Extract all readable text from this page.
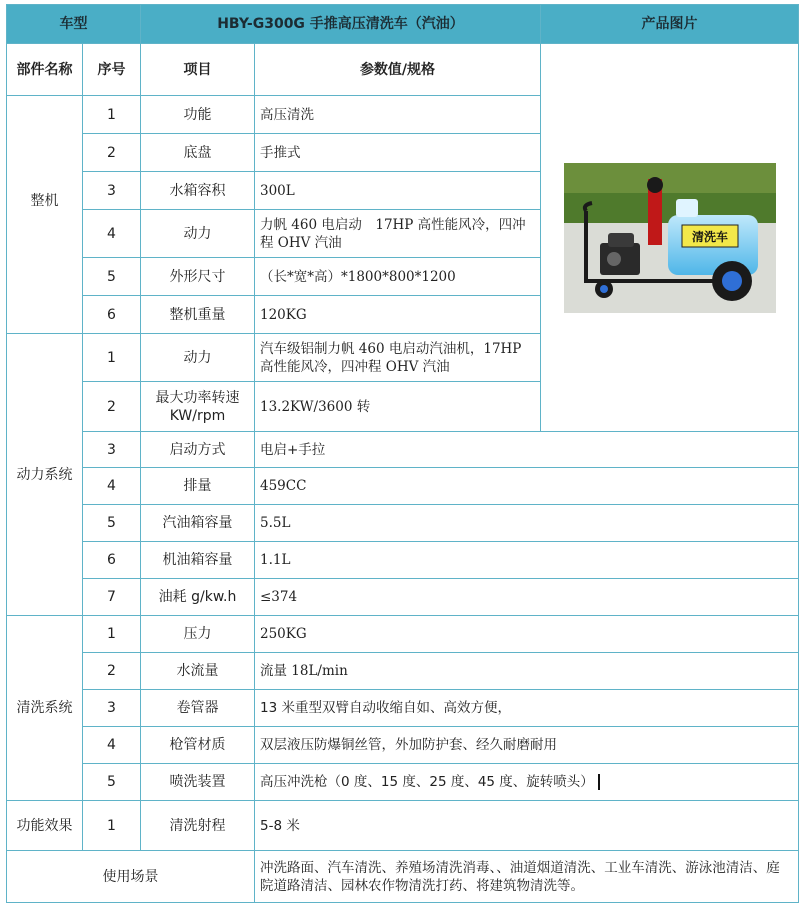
车型		HBY-G300G 手推高压清洗车（汽油）		产品图片
部件名称	序号	项目	参数值/规格	清洗车

整机	1	功能	高压清洗	
	2	底盘	手推式	
	3	水箱容积	300L	
	4	动力	力帆 460 电启动　17HP 高性能风冷，四冲程 OHV 汽油	
	5	外形尺寸	（长*宽*高）*1800*800*1200	
	6	整机重量	120KG	
动力系统	1	动力	汽车级铝制力帆 460 电启动汽油机，17HP 高性能风冷，四冲程 OHV 汽油	
	2	最大功率转速 KW/rpm	13.2KW/3600 转	
	3	启动方式	电启+手拉	
	4	排量	459CC	
	5	汽油箱容量	5.5L	
	6	机油箱容量	1.1L	
	7	油耗 g/kw.h	≤374	
清洗系统	1	压力	250KG	
	2	水流量	流量 18L/min	
	3	卷管器	13 米重型双臂自动收缩自如、高效方便，	
	4	枪管材质	双层液压防爆铜丝管，外加防护套、经久耐磨耐用	
	5	喷洗装置	高压冲洗枪（0 度、15 度、25 度、45 度、旋转喷头）	
功能效果	1	清洗射程	5-8 米	
使用场景			冲洗路面、汽车清洗、养殖场清洗消毒、、油道烟道清洗、工业车清洗、游泳池清洁、庭院道路清洁、园林农作物清洗打药、将建筑物清洗等。	
